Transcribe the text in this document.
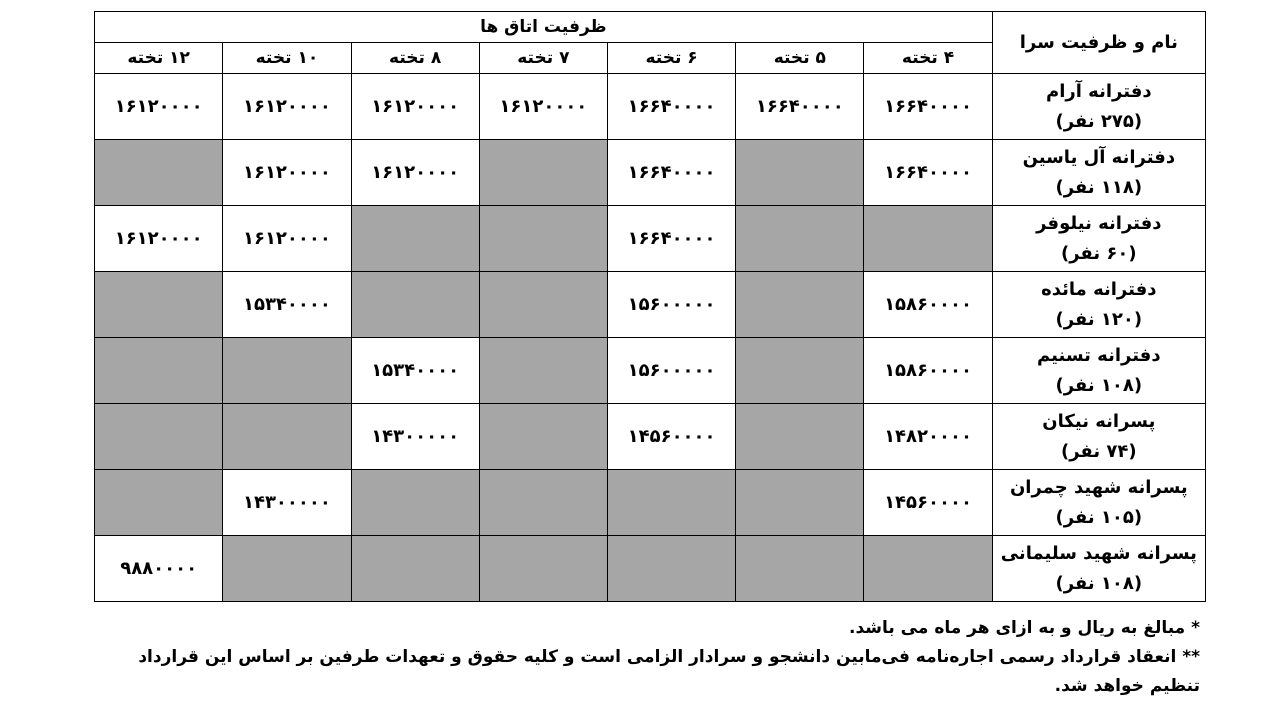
نام و ظرفیت سرا	ظرفیت اتاق ها						
	۴ تخته	۵ تخته	۶ تخته	۷ تخته	۸ تخته	۱۰ تخته	۱۲ تخته

دفترانه آرام
(۲۷۵ نفر)	۱۶۶۴۰۰۰۰	۱۶۶۴۰۰۰۰	۱۶۶۴۰۰۰۰	۱۶۱۲۰۰۰۰	۱۶۱۲۰۰۰۰	۱۶۱۲۰۰۰۰	۱۶۱۲۰۰۰۰

دفترانه آل یاسین
(۱۱۸ نفر)	۱۶۶۴۰۰۰۰		۱۶۶۴۰۰۰۰		۱۶۱۲۰۰۰۰	۱۶۱۲۰۰۰۰	

دفترانه نیلوفر
(۶۰ نفر)			۱۶۶۴۰۰۰۰			۱۶۱۲۰۰۰۰	۱۶۱۲۰۰۰۰

دفترانه مائده
(۱۲۰ نفر)	۱۵۸۶۰۰۰۰		۱۵۶۰۰۰۰۰			۱۵۳۴۰۰۰۰	

دفترانه تسنیم
(۱۰۸ نفر)	۱۵۸۶۰۰۰۰		۱۵۶۰۰۰۰۰		۱۵۳۴۰۰۰۰		

پسرانه نیکان
(۷۴ نفر)	۱۴۸۲۰۰۰۰		۱۴۵۶۰۰۰۰		۱۴۳۰۰۰۰۰		

پسرانه شهید چمران
(۱۰۵ نفر)	۱۴۵۶۰۰۰۰					۱۴۳۰۰۰۰۰	

پسرانه شهید سلیمانی
(۱۰۸ نفر)							۹۸۸۰۰۰۰

* مبالغ به ریال و به ازای هر ماه می باشد.

** انعقاد قرارداد رسمی اجاره‌نامه فی‌مابین دانشجو و سرادار الزامی است و کلیه حقوق و تعهدات طرفین بر اساس این قرارداد تنظیم خواهد شد.
